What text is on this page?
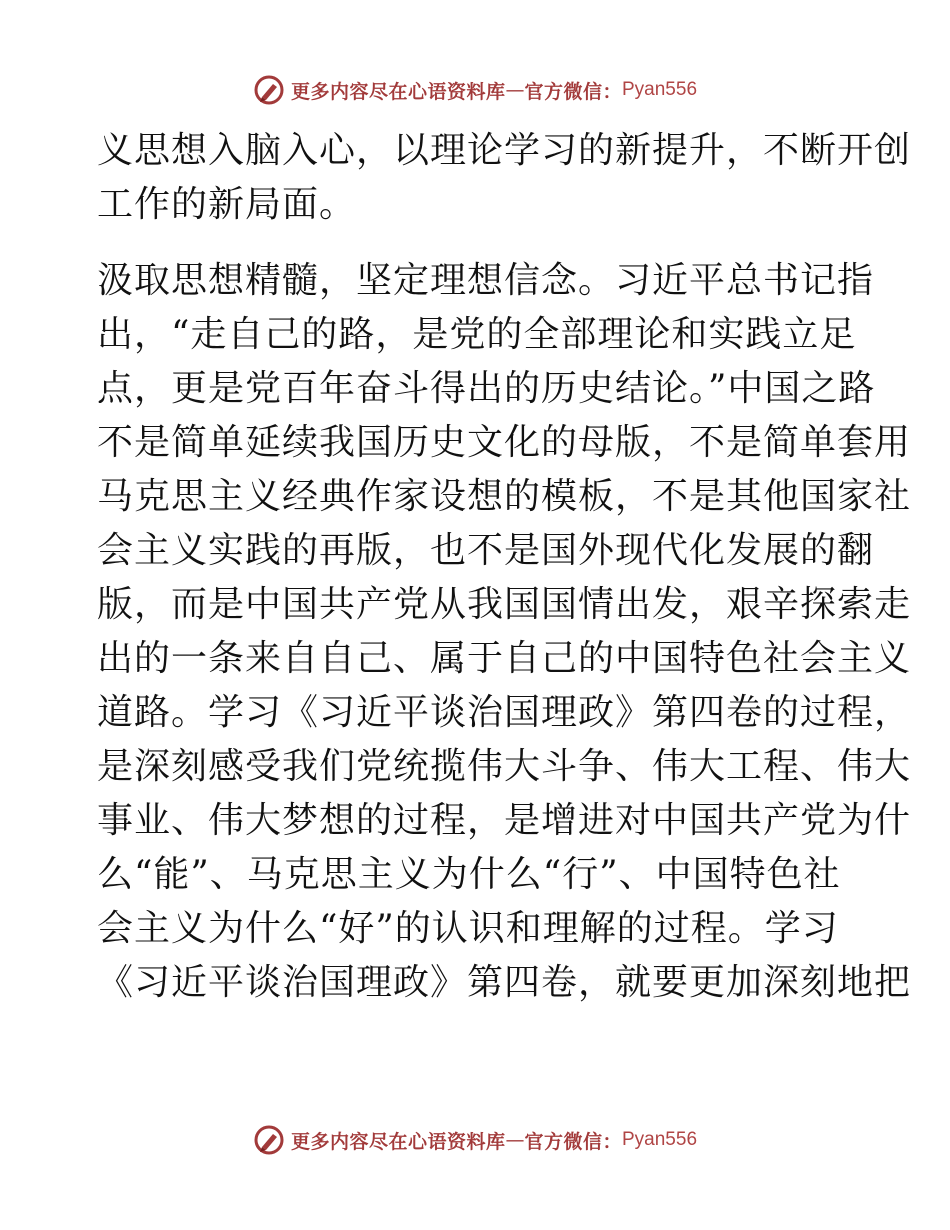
更多内容尽在心语资料库 — 官方微信： Pyan556
义思想入脑入心，以理论学习的新提升，不断开创
工作的新局面。
汲取思想精髓，坚定理想信念。习近平总书记指
出，“走自己的路，是党的全部理论和实践立足
点，更是党百年奋斗得出的历史结论。”中国之路
不是简单延续我国历史文化的母版，不是简单套用
马克思主义经典作家设想的模板，不是其他国家社
会主义实践的再版，也不是国外现代化发展的翻
版，而是中国共产党从我国国情出发，艰辛探索走
出的一条来自自己、属于自己的中国特色社会主义
道路。学习《习近平谈治国理政》第四卷的过程，
是深刻感受我们党统揽伟大斗争、伟大工程、伟大
事业、伟大梦想的过程，是增进对中国共产党为什
么“能”、马克思主义为什么“行”、中国特色社
会主义为什么“好”的认识和理解的过程。学习
《习近平谈治国理政》第四卷，就要更加深刻地把
更多内容尽在心语资料库 — 官方微信： Pyan556
